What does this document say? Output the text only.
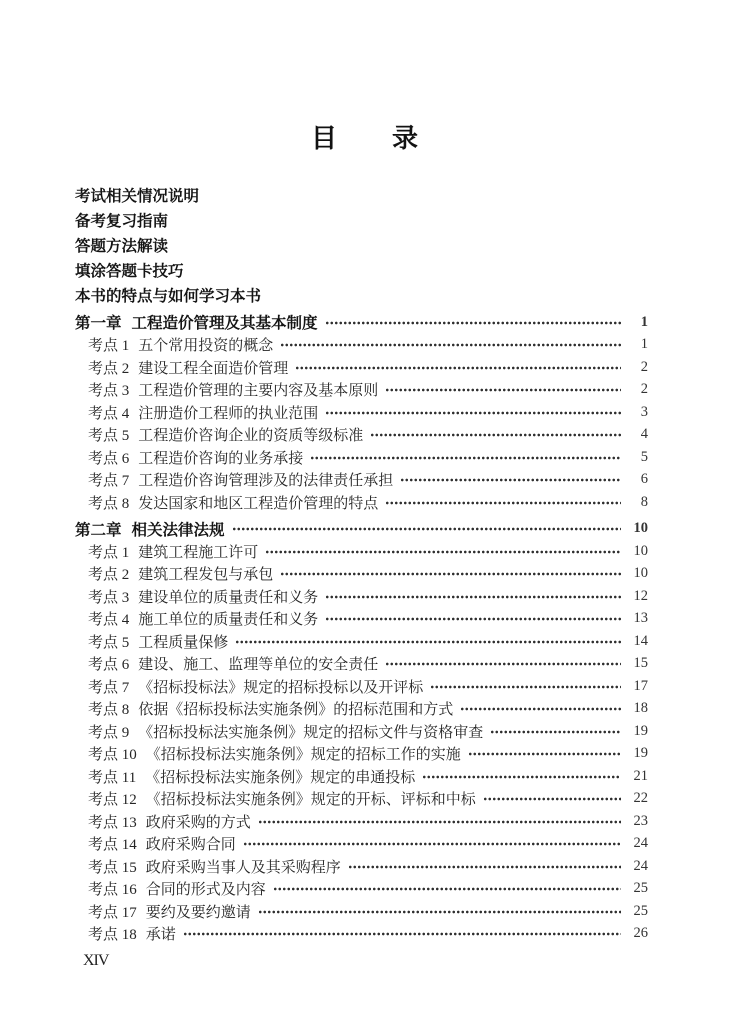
目　　录
考试相关情况说明
备考复习指南
答题方法解读
填涂答题卡技巧
本书的特点与如何学习本书
第一章 工程造价管理及其基本制度	1
考点 1 五个常用投资的概念	1
考点 2 建设工程全面造价管理	2
考点 3 工程造价管理的主要内容及基本原则	2
考点 4 注册造价工程师的执业范围	3
考点 5 工程造价咨询企业的资质等级标准	4
考点 6 工程造价咨询的业务承接	5
考点 7 工程造价咨询管理涉及的法律责任承担	6
考点 8 发达国家和地区工程造价管理的特点	8
第二章 相关法律法规	10
考点 1 建筑工程施工许可	10
考点 2 建筑工程发包与承包	10
考点 3 建设单位的质量责任和义务	12
考点 4 施工单位的质量责任和义务	13
考点 5 工程质量保修	14
考点 6 建设、施工、监理等单位的安全责任	15
考点 7 《招标投标法》规定的招标投标以及开评标	17
考点 8 依据《招标投标法实施条例》的招标范围和方式	18
考点 9 《招标投标法实施条例》规定的招标文件与资格审查	19
考点 10 《招标投标法实施条例》规定的招标工作的实施	19
考点 11 《招标投标法实施条例》规定的串通投标	21
考点 12 《招标投标法实施条例》规定的开标、评标和中标	22
考点 13 政府采购的方式	23
考点 14 政府采购合同	24
考点 15 政府采购当事人及其采购程序	24
考点 16 合同的形式及内容	25
考点 17 要约及要约邀请	25
考点 18 承诺	26
XIV
